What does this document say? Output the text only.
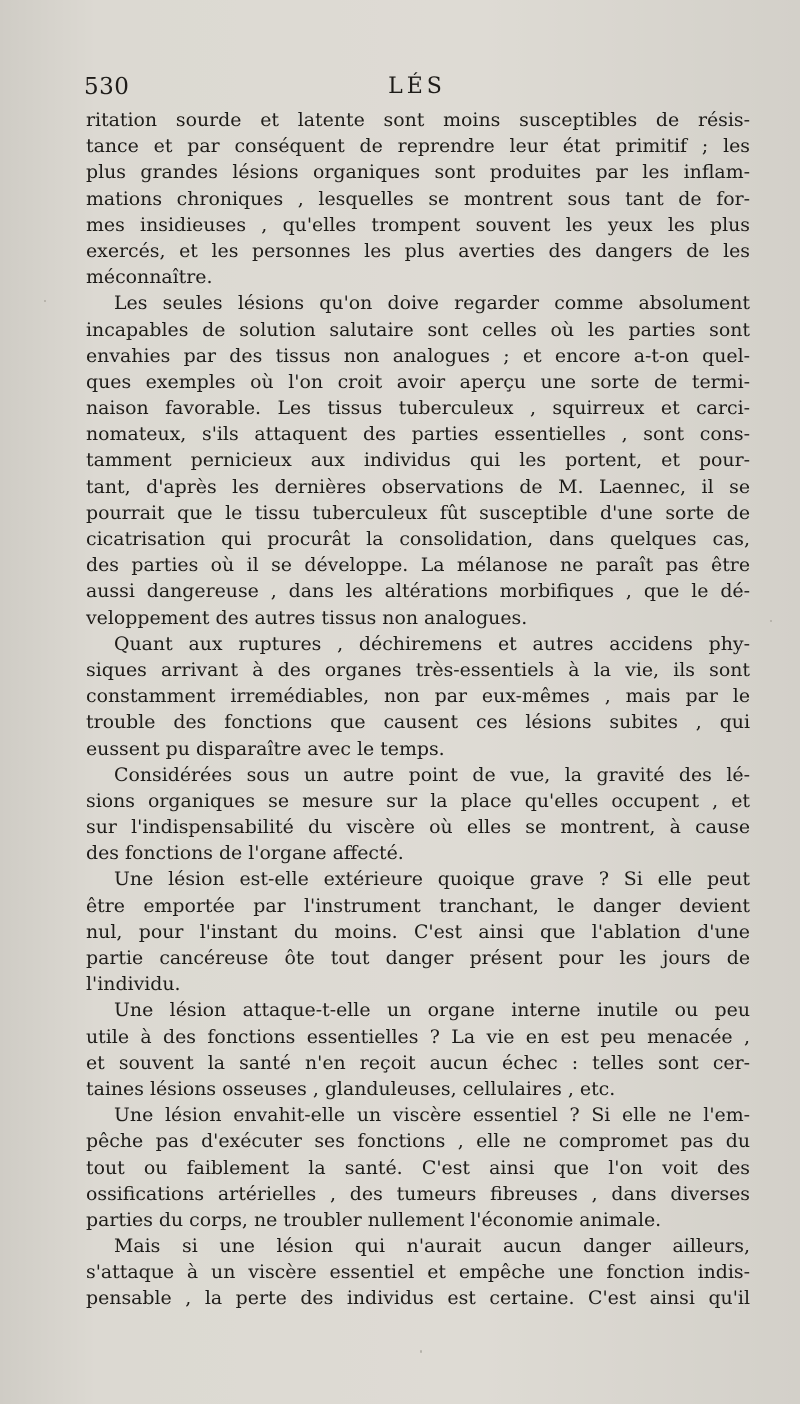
530	LÉS
ritation sourde et latente sont moins susceptibles de résis-
tance et par conséquent de reprendre leur état primitif ; les
plus grandes lésions organiques sont produites par les inflam-
mations chroniques , lesquelles se montrent sous tant de for-
mes insidieuses , qu'elles trompent souvent les yeux les plus
exercés, et les personnes les plus averties des dangers de les
méconnaître.
Les seules lésions qu'on doive regarder comme absolument
incapables de solution salutaire sont celles où les parties sont
envahies par des tissus non analogues ; et encore a-t-on quel-
ques exemples où l'on croit avoir aperçu une sorte de termi-
naison favorable. Les tissus tuberculeux , squirreux et carci-
nomateux, s'ils attaquent des parties essentielles , sont cons-
tamment pernicieux aux individus qui les portent, et pour-
tant, d'après les dernières observations de M. Laennec, il se
pourrait que le tissu tuberculeux fût susceptible d'une sorte de
cicatrisation qui procurât la consolidation, dans quelques cas,
des parties où il se développe. La mélanose ne paraît pas être
aussi dangereuse , dans les altérations morbifiques , que le dé-
veloppement des autres tissus non analogues.
Quant aux ruptures , déchiremens et autres accidens phy-
siques arrivant à des organes très-essentiels à la vie, ils sont
constamment irremédiables, non par eux-mêmes , mais par le
trouble des fonctions que causent ces lésions subites , qui
eussent pu disparaître avec le temps.
Considérées sous un autre point de vue, la gravité des lé-
sions organiques se mesure sur la place qu'elles occupent , et
sur l'indispensabilité du viscère où elles se montrent, à cause
des fonctions de l'organe affecté.
Une lésion est-elle extérieure quoique grave ? Si elle peut
être emportée par l'instrument tranchant, le danger devient
nul, pour l'instant du moins. C'est ainsi que l'ablation d'une
partie cancéreuse ôte tout danger présent pour les jours de
l'individu.
Une lésion attaque-t-elle un organe interne inutile ou peu
utile à des fonctions essentielles ? La vie en est peu menacée ,
et souvent la santé n'en reçoit aucun échec : telles sont cer-
taines lésions osseuses , glanduleuses, cellulaires , etc.
Une lésion envahit-elle un viscère essentiel ? Si elle ne l'em-
pêche pas d'exécuter ses fonctions , elle ne compromet pas du
tout ou faiblement la santé. C'est ainsi que l'on voit des
ossifications artérielles , des tumeurs fibreuses , dans diverses
parties du corps, ne troubler nullement l'économie animale.
Mais si une lésion qui n'aurait aucun danger ailleurs,
s'attaque à un viscère essentiel et empêche une fonction indis-
pensable , la perte des individus est certaine. C'est ainsi qu'il
